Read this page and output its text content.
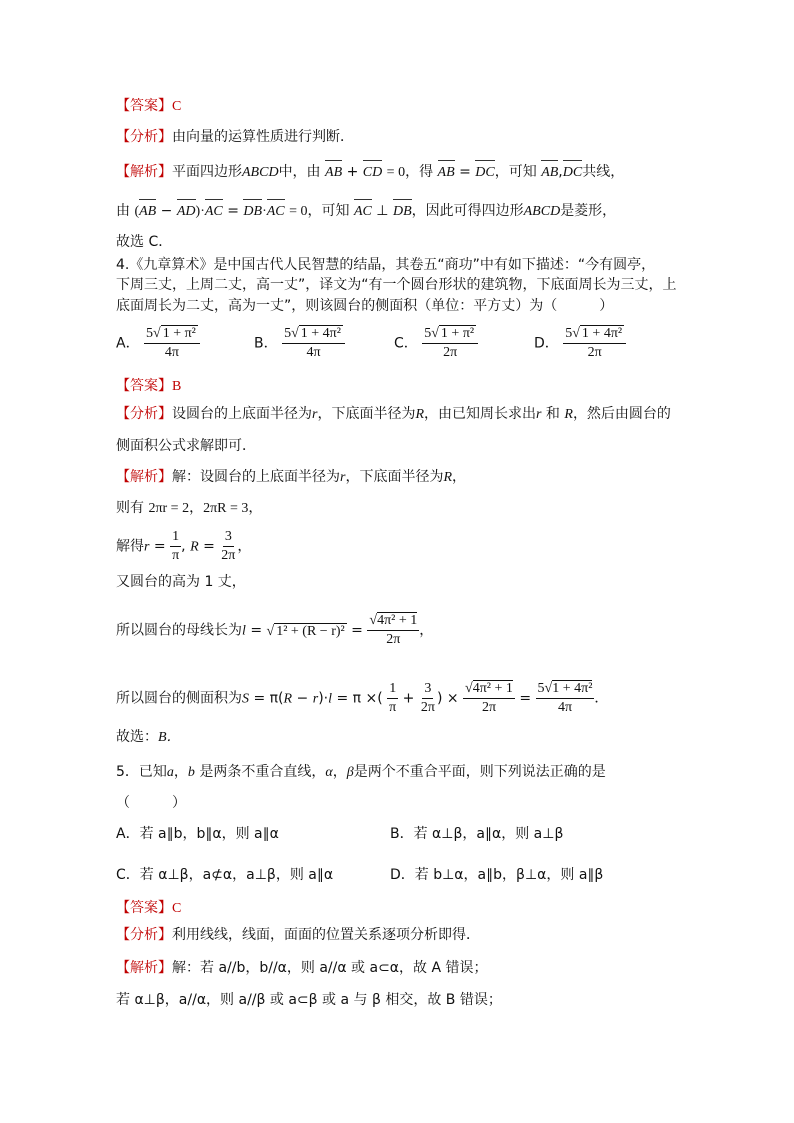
【答案】C
【分析】由向量的运算性质进行判断．
【解析】平面四边形ABCD中，由 AB + CD = 0，得 AB = DC，可知 AB,DC共线，
由 (AB − AD)·AC = DB·AC = 0，可知 AC ⊥ DB，因此可得四边形ABCD是菱形，
故选 C．
4.《九章算术》是中国古代人民智慧的结晶，其卷五“商功”中有如下描述：“今有圆亭，
下周三丈，上周二丈，高一丈”，译文为“有一个圆台形状的建筑物，下底面周长为三丈，上
底面周长为二丈，高为一丈”，则该圆台的侧面积（单位：平方丈）为（　　　）
A． $\frac{\text{5√ 1 + π²}}{4\pi}$	B． $\frac{\text{5√ 1 + 4π²}}{4\pi}$	C． $\frac{\text{5√ 1 + π²}}{2\pi}$	D． $\frac{\text{5√ 1 + 4π²}}{2\pi}$
【答案】B
【分析】设圆台的上底面半径为r，下底面半径为R，由已知周长求出r 和 R，然后由圆台的
侧面积公式求解即可．
【解析】解：设圆台的上底面半径为r，下底面半径为R，
则有 2πr = 2，2πR = 3，
解得$r = \frac{1}{\pi}$ , $R = \frac{3}{2\pi}$ ，
又圆台的高为 1 丈，
所以圆台的母线长为l = √ $1^2 + (R - r)^2 = \frac{\text{√4π² + 1}}{2\pi}$ ，
所以圆台的侧面积为S = π(R − r)·l = π ×( $\frac{1}{\pi} + \frac{3}{2\pi}$ ) × $\frac{\text{√4π² + 1}}{2\pi} = \frac{\text{5√1 + 4π²}}{4\pi}$ ．
故选：B．
5．已知a，b 是两条不重合直线，α，β是两个不重合平面，则下列说法正确的是
（　　　）
A．若 a∥b，b∥α，则 a∥α	B．若 α⊥β，a∥α，则 a⊥β
C．若 α⊥β，a⊄α，a⊥β，则 a∥α	D．若 b⊥α，a∥b，β⊥α，则 a∥β
【答案】C
【分析】利用线线，线面，面面的位置关系逐项分析即得．
【解析】解：若 a//b，b//α，则 a//α 或 a⊂α，故 A 错误；
若 α⊥β，a//α，则 a//β 或 a⊂β 或 a 与 β 相交，故 B 错误；
